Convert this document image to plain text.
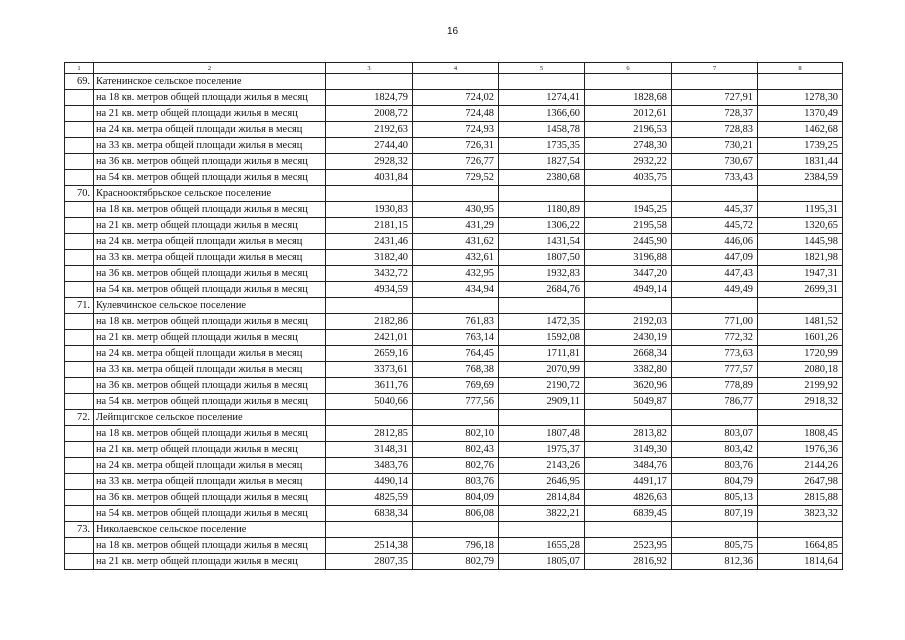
16
1	2	3	4	5	6	7	8
69.	Катенинское сельское поселение						
	на 18 кв. метров общей площади жилья в месяц	1824,79	724,02	1274,41	1828,68	727,91	1278,30
	на 21 кв. метр общей площади жилья в месяц	2008,72	724,48	1366,60	2012,61	728,37	1370,49
	на 24 кв. метра общей площади жилья в месяц	2192,63	724,93	1458,78	2196,53	728,83	1462,68
	на 33 кв. метра общей площади жилья в месяц	2744,40	726,31	1735,35	2748,30	730,21	1739,25
	на 36 кв. метров общей площади жилья в месяц	2928,32	726,77	1827,54	2932,22	730,67	1831,44
	на 54 кв. метров общей площади жилья в месяц	4031,84	729,52	2380,68	4035,75	733,43	2384,59
70.	Краснооктябрьское сельское поселение						
	на 18 кв. метров общей площади жилья в месяц	1930,83	430,95	1180,89	1945,25	445,37	1195,31
	на 21 кв. метр общей площади жилья в месяц	2181,15	431,29	1306,22	2195,58	445,72	1320,65
	на 24 кв. метра общей площади жилья в месяц	2431,46	431,62	1431,54	2445,90	446,06	1445,98
	на 33 кв. метра общей площади жилья в месяц	3182,40	432,61	1807,50	3196,88	447,09	1821,98
	на 36 кв. метров общей площади жилья в месяц	3432,72	432,95	1932,83	3447,20	447,43	1947,31
	на 54 кв. метров общей площади жилья в месяц	4934,59	434,94	2684,76	4949,14	449,49	2699,31
71.	Кулевчинское сельское поселение						
	на 18 кв. метров общей площади жилья в месяц	2182,86	761,83	1472,35	2192,03	771,00	1481,52
	на 21 кв. метр общей площади жилья в месяц	2421,01	763,14	1592,08	2430,19	772,32	1601,26
	на 24 кв. метра общей площади жилья в месяц	2659,16	764,45	1711,81	2668,34	773,63	1720,99
	на 33 кв. метра общей площади жилья в месяц	3373,61	768,38	2070,99	3382,80	777,57	2080,18
	на 36 кв. метров общей площади жилья в месяц	3611,76	769,69	2190,72	3620,96	778,89	2199,92
	на 54 кв. метров общей площади жилья в месяц	5040,66	777,56	2909,11	5049,87	786,77	2918,32
72.	Лейпцигское сельское поселение						
	на 18 кв. метров общей площади жилья в месяц	2812,85	802,10	1807,48	2813,82	803,07	1808,45
	на 21 кв. метр общей площади жилья в месяц	3148,31	802,43	1975,37	3149,30	803,42	1976,36
	на 24 кв. метра общей площади жилья в месяц	3483,76	802,76	2143,26	3484,76	803,76	2144,26
	на 33 кв. метра общей площади жилья в месяц	4490,14	803,76	2646,95	4491,17	804,79	2647,98
	на 36 кв. метров общей площади жилья в месяц	4825,59	804,09	2814,84	4826,63	805,13	2815,88
	на 54 кв. метров общей площади жилья в месяц	6838,34	806,08	3822,21	6839,45	807,19	3823,32
73.	Николаевское сельское поселение						
	на 18 кв. метров общей площади жилья в месяц	2514,38	796,18	1655,28	2523,95	805,75	1664,85
	на 21 кв. метр общей площади жилья в месяц	2807,35	802,79	1805,07	2816,92	812,36	1814,64
